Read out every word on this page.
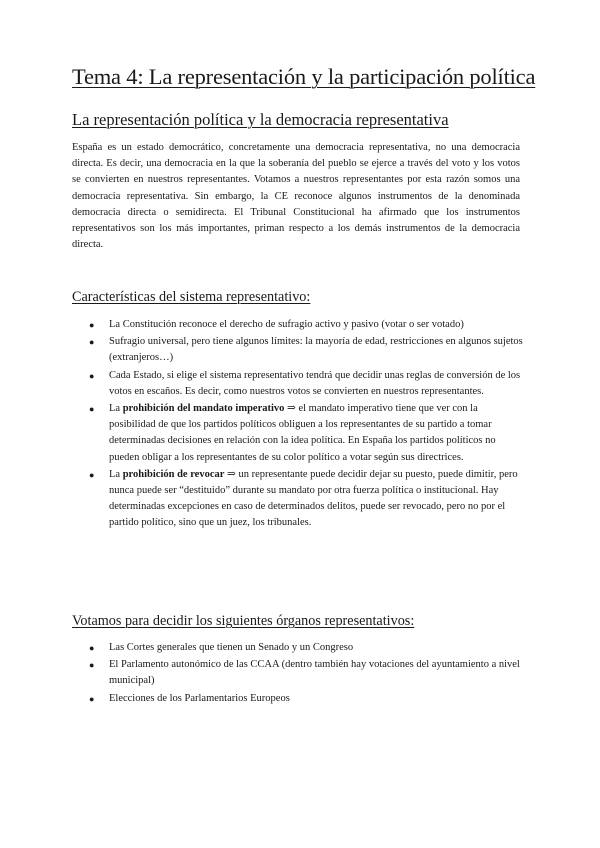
Tema 4: La representación y la participación política
La representación política y la democracia representativa

España es un estado democrático, concretamente una democracia representativa, no una democracia directa. Es decir, una democracia en la que la soberanía del pueblo se ejerce a través del voto y los votos se convierten en nuestros representantes. Votamos a nuestros representantes por esta razón somos una democracia representativa. Sin embargo, la CE reconoce algunos instrumentos de la denominada democracia directa o semidirecta. El Tribunal Constitucional ha afirmado que los instrumentos representativos son los más importantes, priman respecto a los demás instrumentos de la democracia directa.

Características del sistema representativo:
● La Constitución reconoce el derecho de sufragio activo y pasivo (votar o ser votado)
● Sufragio universal, pero tiene algunos límites: la mayoría de edad, restricciones en algunos sujetos (extranjeros…)
● Cada Estado, si elige el sistema representativo tendrá que decidir unas reglas de conversión de los votos en escaños. Es decir, como nuestros votos se convierten en nuestros representantes.
● La prohibición del mandato imperativo ⇒ el mandato imperativo tiene que ver con la posibilidad de que los partidos políticos obliguen a los representantes de su partido a tomar determinadas decisiones en relación con la idea política. En España los partidos políticos no pueden obligar a los representantes de su color político a votar según sus directrices.
● La prohibición de revocar ⇒ un representante puede decidir dejar su puesto, puede dimitir, pero nunca puede ser “destituido” durante su mandato por otra fuerza política o institucional. Hay determinadas excepciones en caso de determinados delitos, puede ser revocado, pero no por el partido político, sino que un juez, los tribunales.
Votamos para decidir los siguientes órganos representativos:
● Las Cortes generales que tienen un Senado y un Congreso
● El Parlamento autonómico de las CCAA (dentro también hay votaciones del ayuntamiento a nivel municipal)
● Elecciones de los Parlamentarios Europeos
